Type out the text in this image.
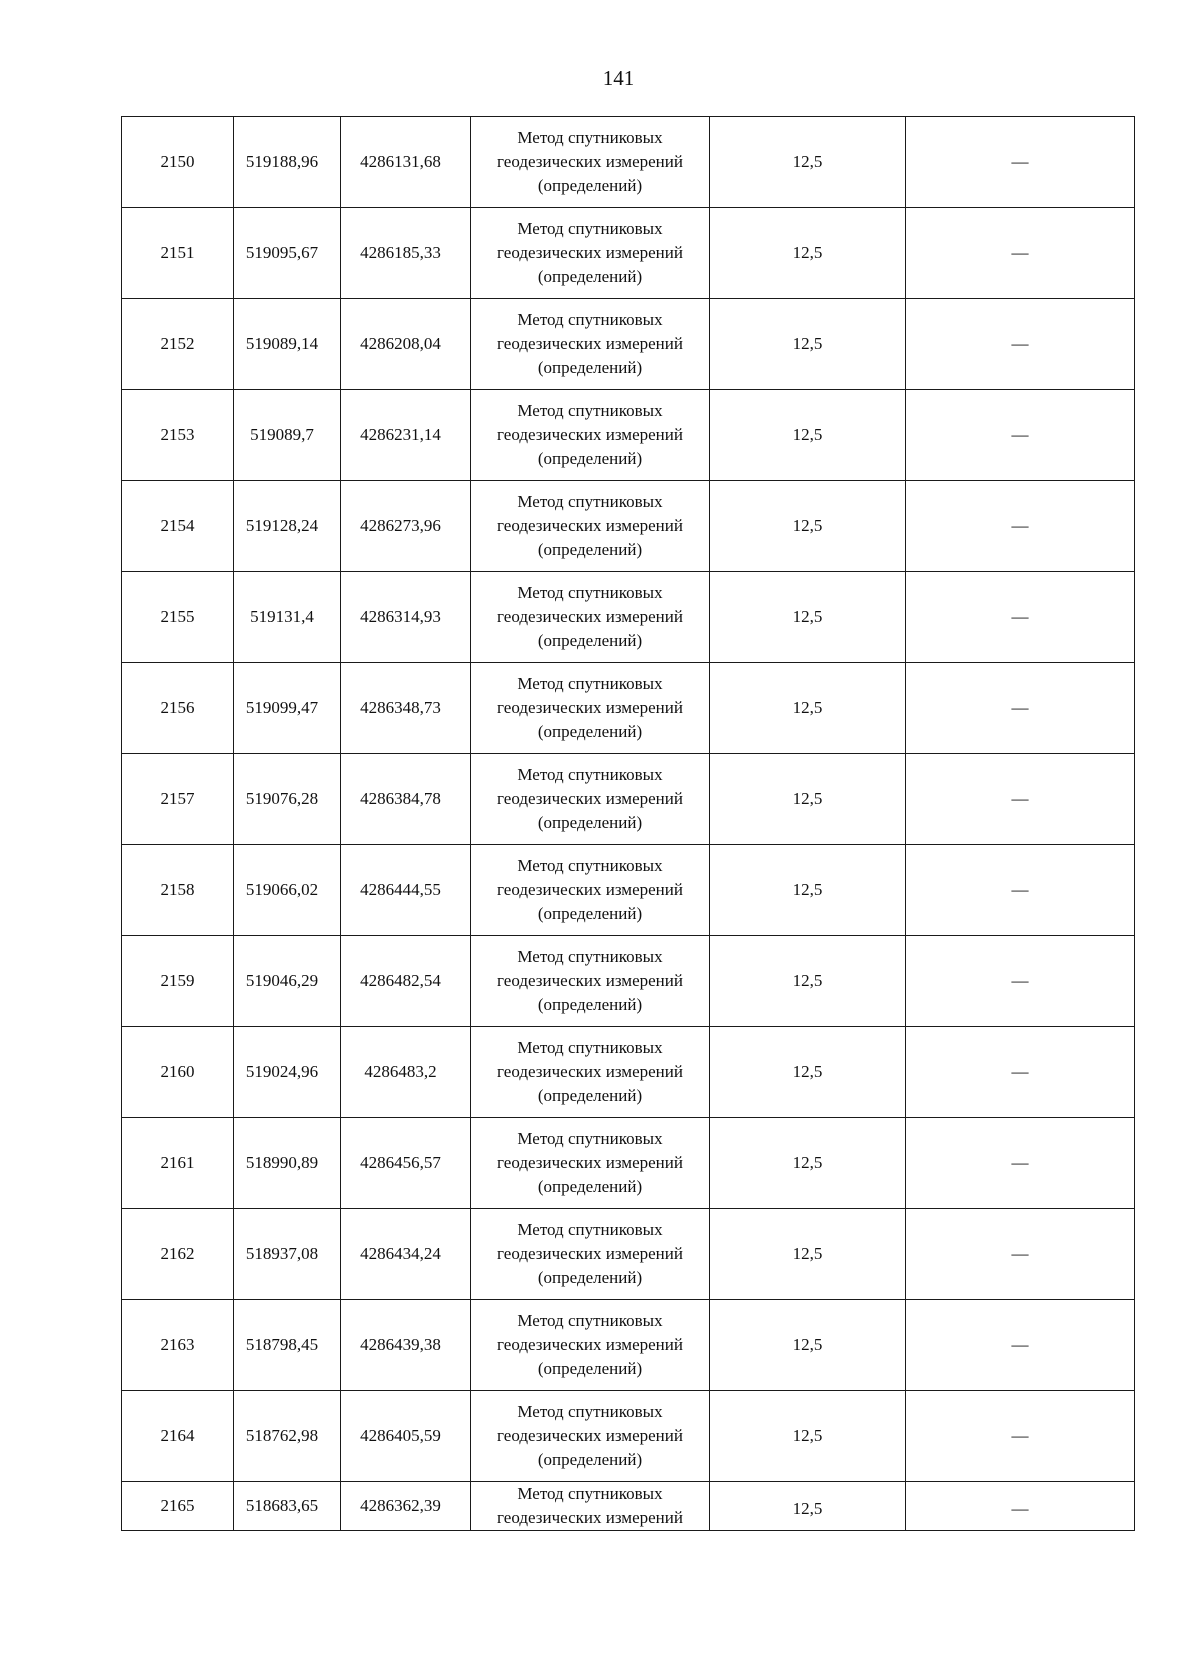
141
2150	519188,96	4286131,68	Метод спутниковых
геодезических измерений
(определений)	12,5	—
2151	519095,67	4286185,33	Метод спутниковых
геодезических измерений
(определений)	12,5	—
2152	519089,14	4286208,04	Метод спутниковых
геодезических измерений
(определений)	12,5	—
2153	519089,7	4286231,14	Метод спутниковых
геодезических измерений
(определений)	12,5	—
2154	519128,24	4286273,96	Метод спутниковых
геодезических измерений
(определений)	12,5	—
2155	519131,4	4286314,93	Метод спутниковых
геодезических измерений
(определений)	12,5	—
2156	519099,47	4286348,73	Метод спутниковых
геодезических измерений
(определений)	12,5	—
2157	519076,28	4286384,78	Метод спутниковых
геодезических измерений
(определений)	12,5	—
2158	519066,02	4286444,55	Метод спутниковых
геодезических измерений
(определений)	12,5	—
2159	519046,29	4286482,54	Метод спутниковых
геодезических измерений
(определений)	12,5	—
2160	519024,96	4286483,2	Метод спутниковых
геодезических измерений
(определений)	12,5	—
2161	518990,89	4286456,57	Метод спутниковых
геодезических измерений
(определений)	12,5	—
2162	518937,08	4286434,24	Метод спутниковых
геодезических измерений
(определений)	12,5	—
2163	518798,45	4286439,38	Метод спутниковых
геодезических измерений
(определений)	12,5	—
2164	518762,98	4286405,59	Метод спутниковых
геодезических измерений
(определений)	12,5	—
2165	518683,65	4286362,39	Метод спутниковых
геодезических измерений	12,5	—
